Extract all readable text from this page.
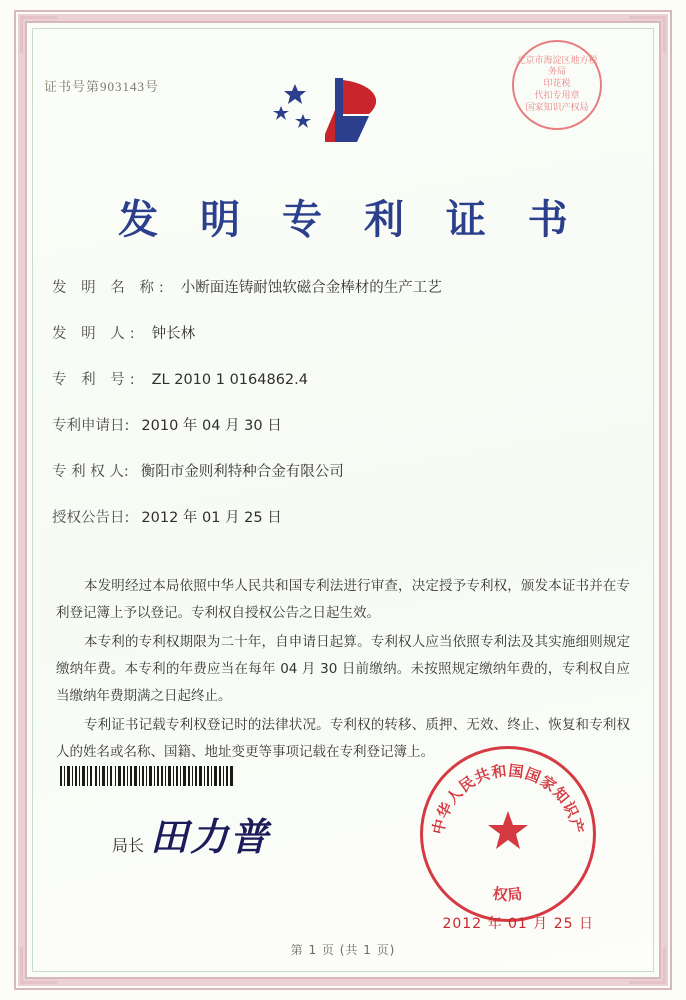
证书号第903143号
北京市海淀区地方税务局
印花税
代扣专用章
国家知识产权局
发 明 专 利 证 书
发 明 名 称: 小断面连铸耐蚀软磁合金棒材的生产工艺
发 明 人: 钟长林
专 利 号: ZL 2010 1 0164862.4
专利申请日: 2010 年 04 月 30 日
专 利 权 人: 衡阳市金则利特种合金有限公司
授权公告日: 2012 年 01 月 25 日

本发明经过本局依照中华人民共和国专利法进行审查，决定授予专利权，颁发本证书并在专利登记簿上予以登记。专利权自授权公告之日起生效。

本专利的专利权期限为二十年，自申请日起算。专利权人应当依照专利法及其实施细则规定缴纳年费。本专利的年费应当在每年 04 月 30 日前缴纳。未按照规定缴纳年费的，专利权自应当缴纳年费期满之日起终止。

专利证书记载专利权登记时的法律状况。专利权的转移、质押、无效、终止、恢复和专利权人的姓名或名称、国籍、地址变更等事项记载在专利登记簿上。

局长 田力普	中华人民共和国国家知识产
权局
2012 年 01 月 25 日
第 1 页 (共 1 页)
